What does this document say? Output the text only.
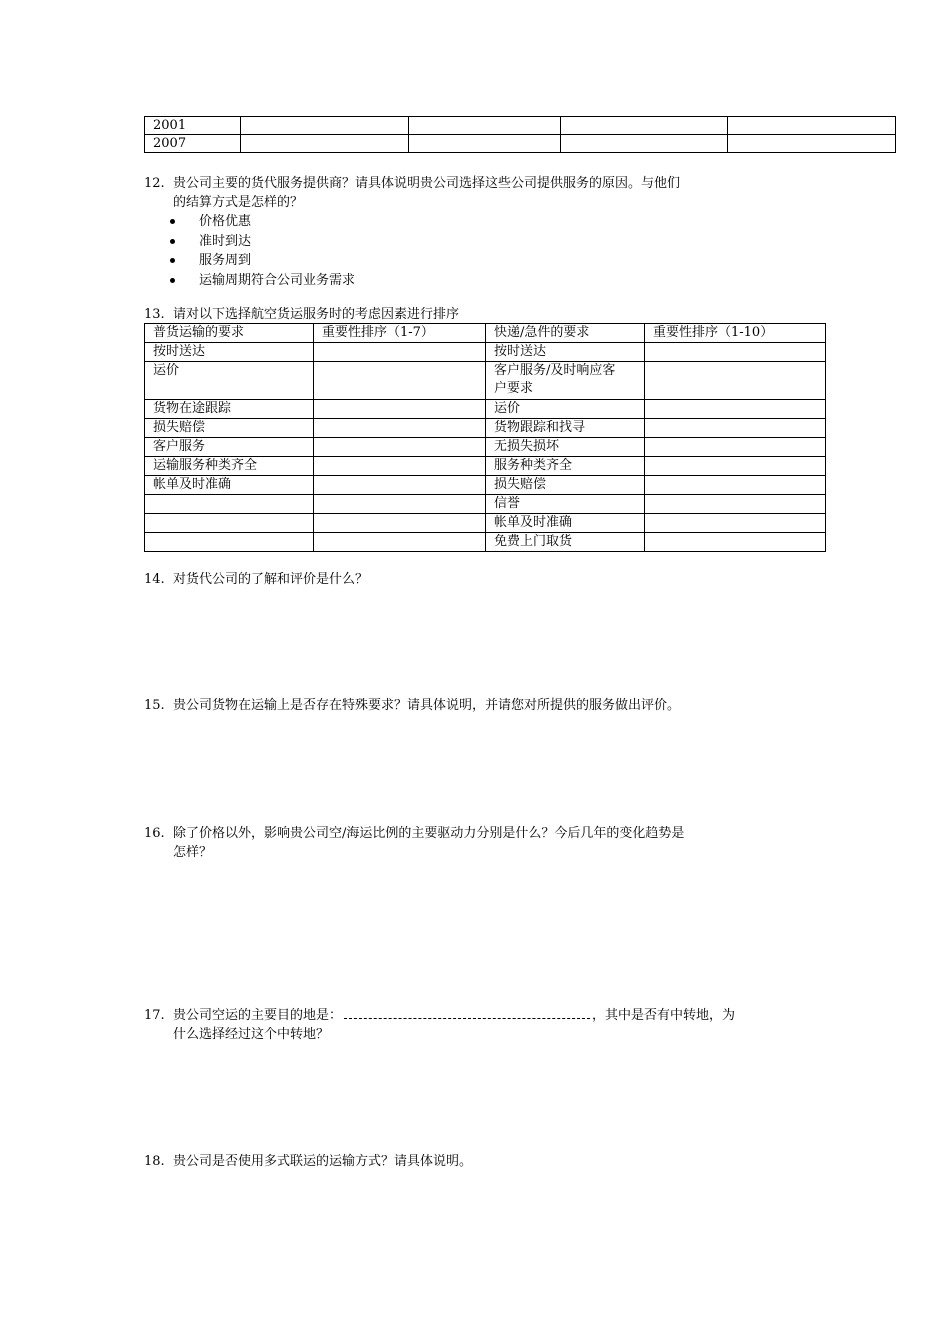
2001				
2007				
12. 贵公司主要的货代服务提供商？请具体说明贵公司选择这些公司提供服务的原因。与他们
的结算方式是怎样的？
价格优惠
准时到达
服务周到
运输周期符合公司业务需求
13. 请对以下选择航空货运服务时的考虑因素进行排序
普货运输的要求	重要性排序（1-7）	快递/急件的要求	重要性排序（1-10）
按时送达		按时送达	
运价		客户服务/及时响应客户要求	
货物在途跟踪		运价	
损失赔偿		货物跟踪和找寻	
客户服务		无损失损坏	
运输服务种类齐全		服务种类齐全	
帐单及时准确		损失赔偿	
		信誉	
		帐单及时准确	
		免费上门取货	
14. 对货代公司的了解和评价是什么？
15. 贵公司货物在运输上是否存在特殊要求？请具体说明，并请您对所提供的服务做出评价。
16. 除了价格以外，影响贵公司空/海运比例的主要驱动力分别是什么？今后几年的变化趋势是
怎样？
17. 贵公司空运的主要目的地是：	，其中是否有中转地，为
什么选择经过这个中转地？
18. 贵公司是否使用多式联运的运输方式？请具体说明。
